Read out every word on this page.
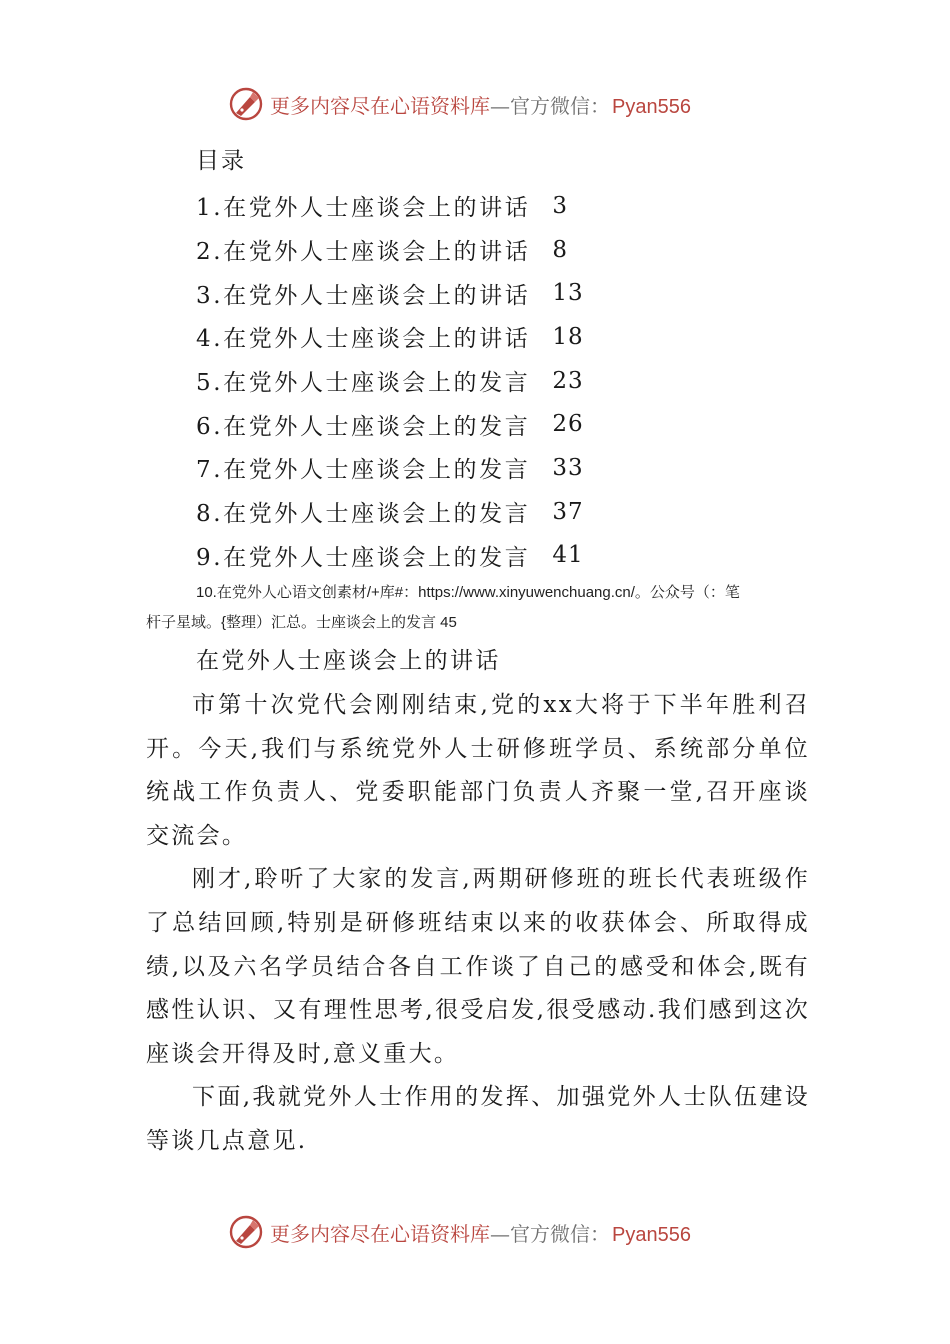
更多内容尽在心语资料库—官方微信： Pyan556
目录
1.在党外人士座谈会上的讲话 3
2.在党外人士座谈会上的讲话 8
3.在党外人士座谈会上的讲话 13
4.在党外人士座谈会上的讲话 18
5.在党外人士座谈会上的发言 23
6.在党外人士座谈会上的发言 26
7.在党外人士座谈会上的发言 33
8.在党外人士座谈会上的发言 37
9.在党外人士座谈会上的发言 41
10.在党外人心语文创素材/+库#：https://www.xinyuwenchuang.cn/。公众号（：笔
杆子星域。{整理）汇总。士座谈会上的发言 45
在党外人士座谈会上的讲话

市第十次党代会刚刚结束,党的xx大将于下半年胜利召开。今天,我们与系统党外人士研修班学员、系统部分单位统战工作负责人、党委职能部门负责人齐聚一堂,召开座谈交流会。

刚才,聆听了大家的发言,两期研修班的班长代表班级作了总结回顾,特别是研修班结束以来的收获体会、所取得成绩,以及六名学员结合各自工作谈了自己的感受和体会,既有感性认识、又有理性思考,很受启发,很受感动.我们感到这次座谈会开得及时,意义重大。

下面,我就党外人士作用的发挥、加强党外人士队伍建设等谈几点意见.

更多内容尽在心语资料库—官方微信： Pyan556
